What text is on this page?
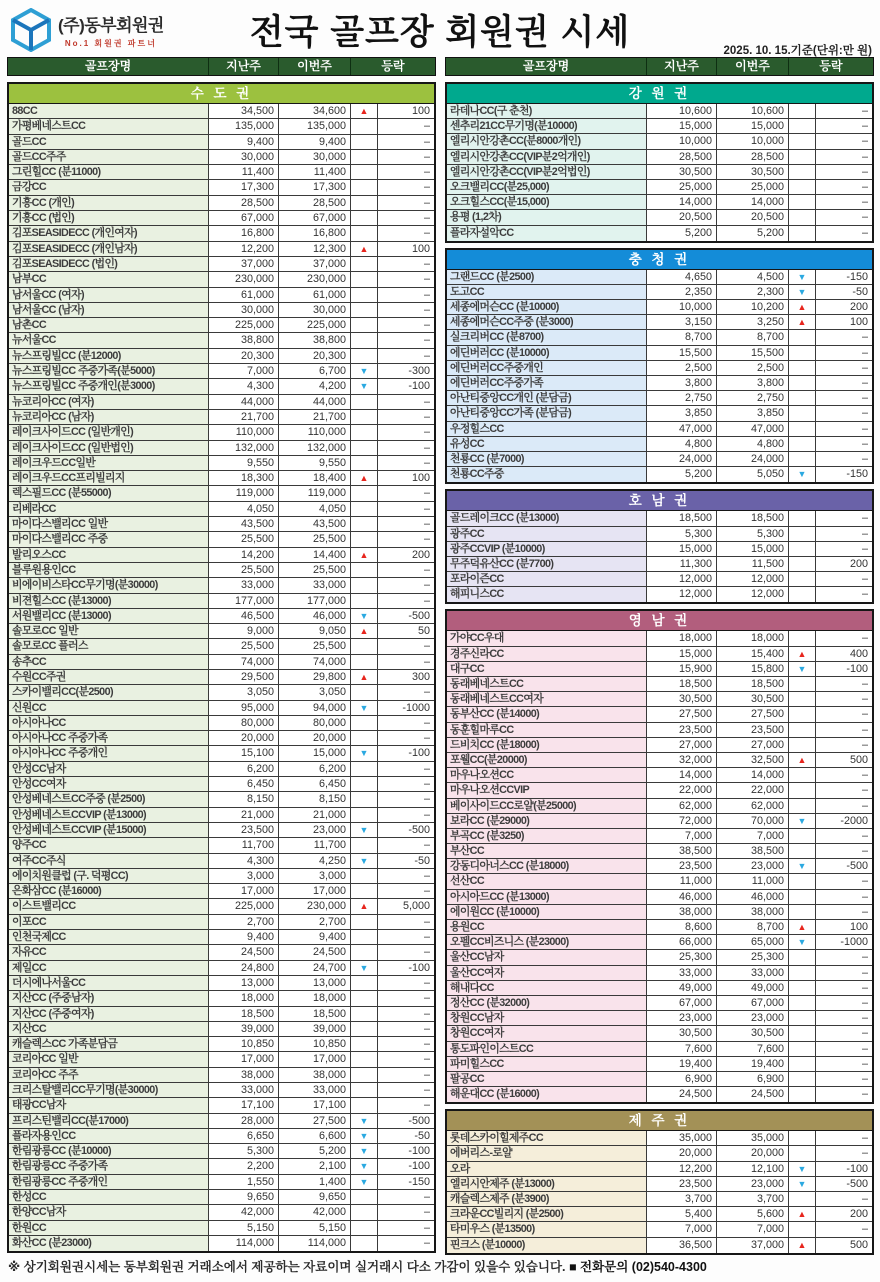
(주)동부회원권
No.1 회원권 파트너	전국 골프장 회원권 시세	2025. 10. 15.기준(단위:만 원)
골프장명	지난주	이번주	등락
수 도 권
88CC	34,500	34,600	▲	100
가평베네스트CC	135,000	135,000	–
골드CC	9,400	9,400	–
골드CC주주	30,000	30,000	–
그린힐CC (분11000)	11,400	11,400	–
금강CC	17,300	17,300	–
기흥CC (개인)	28,500	28,500	–
기흥CC (법인)	67,000	67,000	–
김포SEASIDECC (개인여자)	16,800	16,800	–
김포SEASIDECC (개인남자)	12,200	12,300	▲	100
김포SEASIDECC (법인)	37,000	37,000	–
남부CC	230,000	230,000	–
남서울CC (여자)	61,000	61,000	–
남서울CC (남자)	30,000	30,000	–
남촌CC	225,000	225,000	–
뉴서울CC	38,800	38,800	–
뉴스프링빌CC (분12000)	20,300	20,300	–
뉴스프링빌CC 주중가족(분5000)	7,000	6,700	▼	-300
뉴스프링빌CC 주중개인(분3000)	4,300	4,200	▼	-100
뉴코리아CC (여자)	44,000	44,000	–
뉴코리아CC (남자)	21,700	21,700	–
레이크사이드CC (일반개인)	110,000	110,000	–
레이크사이드CC (일반법인)	132,000	132,000	–
레이크우드CC일반	9,550	9,550	–
레이크우드CC프리빌리지	18,300	18,400	▲	100
렉스필드CC (분55000)	119,000	119,000	–
리베라CC	4,050	4,050	–
마이다스밸리CC 일반	43,500	43,500	–
마이다스밸리CC 주중	25,500	25,500	–
발리오스CC	14,200	14,400	▲	200
블루원용인CC	25,500	25,500	–
비에이비스타CC무기명(분30000)	33,000	33,000	–
비젼힐스CC (분13000)	177,000	177,000	–
서원밸리CC (분13000)	46,500	46,000	▼	-500
솔모로CC 일반	9,000	9,050	▲	50
솔모로CC 플러스	25,500	25,500	–
송추CC	74,000	74,000	–
수원CC주권	29,500	29,800	▲	300
스카이밸리CC(분2500)	3,050	3,050	–
신원CC	95,000	94,000	▼	-1000
아시아나CC	80,000	80,000	–
아시아나CC 주중가족	20,000	20,000	–
아시아나CC 주중개인	15,100	15,000	▼	-100
안성CC남자	6,200	6,200	–
안성CC여자	6,450	6,450	–
안성베네스트CC주중 (분2500)	8,150	8,150	–
안성베네스트CCVIP (분13000)	21,000	21,000	–
안성베네스트CCVIP (분15000)	23,500	23,000	▼	-500
양주CC	11,700	11,700	–
여주CC주식	4,300	4,250	▼	-50
에이치원클럽 (구. 덕평CC)	3,000	3,000	–
은화삼CC (분16000)	17,000	17,000	–
이스트밸리CC	225,000	230,000	▲	5,000
이포CC	2,700	2,700	–
인천국제CC	9,400	9,400	–
자유CC	24,500	24,500	–
제일CC	24,800	24,700	▼	-100
더시에나서울CC	13,000	13,000	–
지산CC (주중남자)	18,000	18,000	–
지산CC (주중여자)	18,500	18,500	–
지산CC	39,000	39,000	–
캐슬렉스CC 가족분담금	10,850	10,850	–
코리아CC 일반	17,000	17,000	–
코리아CC 주주	38,000	38,000	–
크리스탈밸리CC무기명(분30000)	33,000	33,000	–
태광CC남자	17,100	17,100	–
프리스틴밸리CC(분17000)	28,000	27,500	▼	-500
플라자용인CC	6,650	6,600	▼	-50
한림광릉CC (분10000)	5,300	5,200	▼	-100
한림광릉CC 주중가족	2,200	2,100	▼	-100
한림광릉CC 주중개인	1,550	1,400	▼	-150
한성CC	9,650	9,650	–
한양CC남자	42,000	42,000	–
한원CC	5,150	5,150	–
화산CC (분23000)	114,000	114,000	–
골프장명	지난주	이번주	등락
강 원 권
라데나CC(구 춘천)	10,600	10,600	–
센추리21CC무기명(분10000)	15,000	15,000	–
엘리시안강촌CC(분8000개인)	10,000	10,000	–
엘리시안강촌CC(VIP분2억개인)	28,500	28,500	–
엘리시안강촌CC(VIP분2억법인)	30,500	30,500	–
오크밸리CC(분25,000)	25,000	25,000	–
오크힐스CC(분15,000)	14,000	14,000	–
용평 (1,2차)	20,500	20,500	–
플라자설악CC	5,200	5,200	–
충 청 권
그랜드CC (분2500)	4,650	4,500	▼	-150
도고CC	2,350	2,300	▼	-50
세종에머슨CC (분10000)	10,000	10,200	▲	200
세종에머슨CC주중 (분3000)	3,150	3,250	▲	100
실크리버CC (분8700)	8,700	8,700	–
에딘버러CC (분10000)	15,500	15,500	–
에딘버러CC주중개인	2,500	2,500	–
에딘버러CC주중가족	3,800	3,800	–
아난티중앙CC개인 (분담금)	2,750	2,750	–
아난티중앙CC가족 (분담금)	3,850	3,850	–
우정힐스CC	47,000	47,000	–
유성CC	4,800	4,800	–
천룡CC (분7000)	24,000	24,000	–
천룡CC주중	5,200	5,050	▼	-150
호 남 권
골드레이크CC (분13000)	18,500	18,500	–
광주CC	5,300	5,300	–
광주CCVIP (분10000)	15,000	15,000	–
무주덕유산CC (분7700)	11,300	11,500	200
포라이즌CC	12,000	12,000	–
해피니스CC	12,000	12,000	–
영 남 권
가야CC우대	18,000	18,000	–
경주신라CC	15,000	15,400	▲	400
대구CC	15,900	15,800	▼	-100
동래베네스트CC	18,500	18,500	–
동래베네스트CC여자	30,500	30,500	–
동부산CC (분14000)	27,500	27,500	–
동훈힐마루CC	23,500	23,500	–
드비치CC (분18000)	27,000	27,000	–
포웰CC(분20000)	32,000	32,500	▲	500
마우나오션CC	14,000	14,000	–
마우나오션CCVIP	22,000	22,000	–
베이사이드CC로얄(분25000)	62,000	62,000	–
보라CC (분29000)	72,000	70,000	▼	-2000
부곡CC (분3250)	7,000	7,000	–
부산CC	38,500	38,500	–
강동디아너스CC (분18000)	23,500	23,000	▼	-500
선산CC	11,000	11,000	–
아시아드CC (분13000)	46,000	46,000	–
에이원CC (분10000)	38,000	38,000	–
용원CC	8,600	8,700	▲	100
오펠CC비즈니스 (분23000)	66,000	65,000	▼	-1000
울산CC남자	25,300	25,300	–
울산CC여자	33,000	33,000	–
해내다CC	49,000	49,000	–
정산CC (분32000)	67,000	67,000	–
창원CC남자	23,000	23,000	–
창원CC여자	30,500	30,500	–
통도파인이스트CC	7,600	7,600	–
파미힐스CC	19,400	19,400	–
팔공CC	6,900	6,900	–
해운대CC (분16000)	24,500	24,500	–
제 주 권
롯데스카이힐제주CC	35,000	35,000	–
에버리스-로얄	20,000	20,000	–
오라	12,200	12,100	▼	-100
엘리시안제주 (분13000)	23,500	23,000	▼	-500
캐슬렉스제주 (분3900)	3,700	3,700	–
크라운CC빌리지 (분2500)	5,400	5,600	▲	200
타미우스 (분13500)	7,000	7,000	–
핀크스 (분10000)	36,500	37,000	▲	500
※ 상기회원권시세는 동부회원권 거래소에서 제공하는 자료이며 실거래시 다소 가감이 있을수 있습니다. ■ 전화문의 (02)540-4300
